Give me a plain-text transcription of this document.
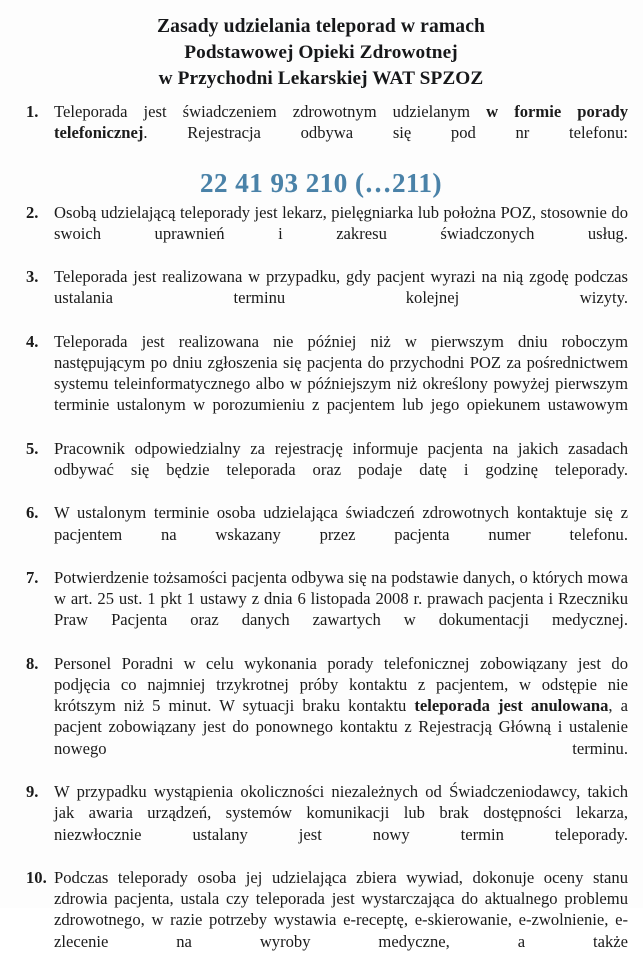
Zasady udzielania teleporad w ramach
Podstawowej Opieki Zdrowotnej
w Przychodni Lekarskiej WAT SPZOZ
1. Teleporada jest świadczeniem zdrowotnym udzielanym w formie porady telefonicznej. Rejestracja odbywa się pod nr telefonu:
22 41 93 210 (…211)
2. Osobą udzielającą teleporady jest lekarz, pielęgniarka lub położna POZ, stosownie do swoich uprawnień i zakresu świadczonych usług.
3. Teleporada jest realizowana w przypadku, gdy pacjent wyrazi na nią zgodę podczas ustalania terminu kolejnej wizyty.
4. Teleporada jest realizowana nie później niż w pierwszym dniu roboczym następującym po dniu zgłoszenia się pacjenta do przychodni POZ za pośrednictwem systemu teleinformatycznego albo w późniejszym niż określony powyżej pierwszym terminie ustalonym w porozumieniu z pacjentem lub jego opiekunem ustawowym
5. Pracownik odpowiedzialny za rejestrację informuje pacjenta na jakich zasadach odbywać się będzie teleporada oraz podaje datę i godzinę teleporady.
6. W ustalonym terminie osoba udzielająca świadczeń zdrowotnych kontaktuje się z pacjentem na wskazany przez pacjenta numer telefonu.
7. Potwierdzenie tożsamości pacjenta odbywa się na podstawie danych, o których mowa w art. 25 ust. 1 pkt 1 ustawy z dnia 6 listopada 2008 r. prawach pacjenta i Rzeczniku Praw Pacjenta oraz danych zawartych w dokumentacji medycznej.
8. Personel Poradni w celu wykonania porady telefonicznej zobowiązany jest do podjęcia co najmniej trzykrotnej próby kontaktu z pacjentem, w odstępie nie krótszym niż 5 minut. W sytuacji braku kontaktu teleporada jest anulowana, a pacjent zobowiązany jest do ponownego kontaktu z Rejestracją Główną i ustalenie nowego terminu.
9. W przypadku wystąpienia okoliczności niezależnych od Świadczeniodawcy, takich jak awaria urządzeń, systemów komunikacji lub brak dostępności lekarza, niezwłocznie ustalany jest nowy termin teleporady.
10. Podczas teleporady osoba jej udzielająca zbiera wywiad, dokonuje oceny stanu zdrowia pacjenta, ustala czy teleporada jest wystarczająca do aktualnego problemu zdrowotnego, w razie potrzeby wystawia e-receptę, e-skierowanie, e-zwolnienie, e-zlecenie na wyroby medyczne, a także
